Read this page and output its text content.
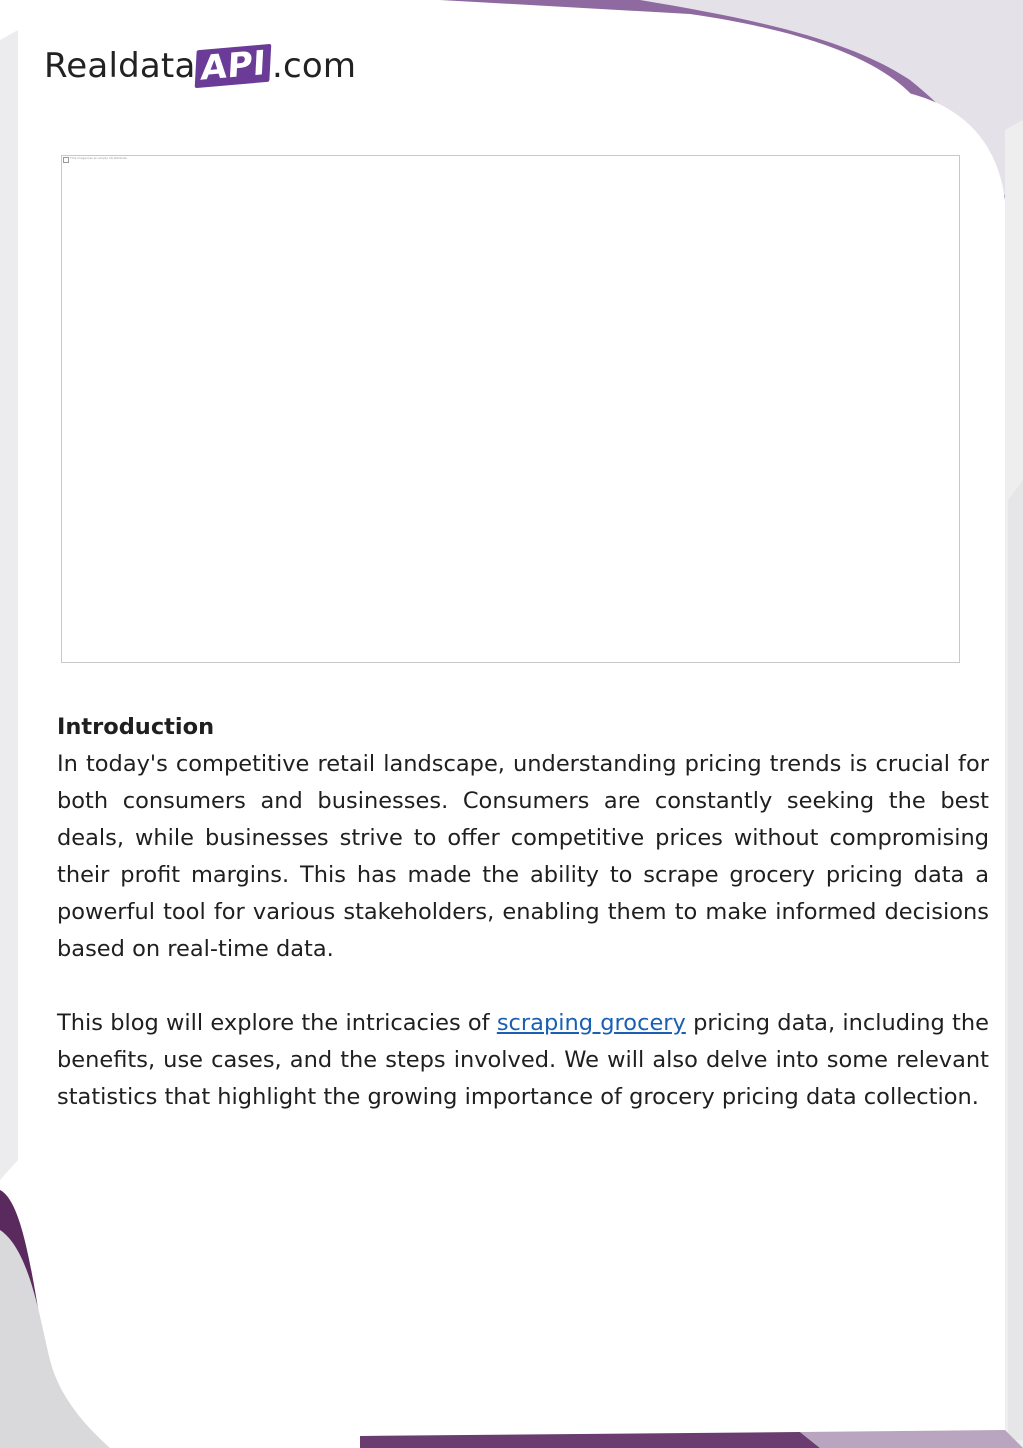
Realdata API .com
This image has an empty alt attribute

Introduction

In today's competitive retail landscape, understanding pricing trends is crucial for both consumers and businesses. Consumers are constantly seeking the best deals, while businesses strive to offer competitive prices without compromising their profit margins. This has made the ability to scrape grocery pricing data a powerful tool for various stakeholders, enabling them to make informed decisions based on real-time data.

This blog will explore the intricacies of scraping grocery pricing data, including the benefits, use cases, and the steps involved. We will also delve into some relevant statistics that highlight the growing importance of grocery pricing data collection.
